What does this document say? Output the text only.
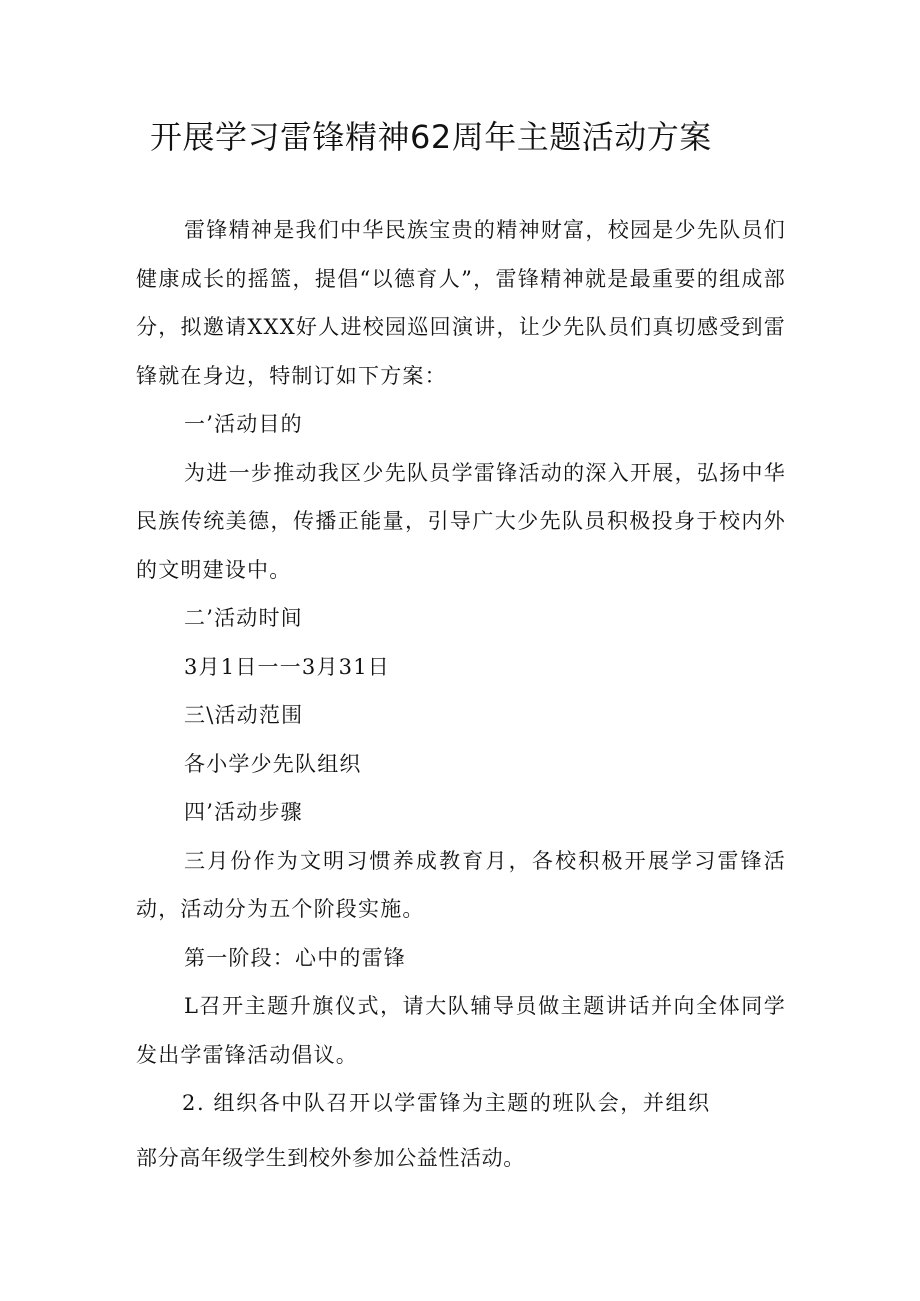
开展学习雷锋精神62周年主题活动方案

雷锋精神是我们中华民族宝贵的精神财富，校园是少先队员们健康成长的摇篮，提倡“以德育人”，雷锋精神就是最重要的组成部分，拟邀请XXX好人进校园巡回演讲，让少先队员们真切感受到雷锋就在身边，特制订如下方案：

一’活动目的

为进一步推动我区少先队员学雷锋活动的深入开展，弘扬中华民族传统美德，传播正能量，引导广大少先队员积极投身于校内外的文明建设中。

二’活动时间

3月1日一一3月31日

三\活动范围

各小学少先队组织

四’活动步骤

三月份作为文明习惯养成教育月，各校积极开展学习雷锋活动，活动分为五个阶段实施。

第一阶段：心中的雷锋

L召开主题升旗仪式，请大队辅导员做主题讲话并向全体同学发出学雷锋活动倡议。

2. 组织各中队召开以学雷锋为主题的班队会，并组织

部分高年级学生到校外参加公益性活动。
